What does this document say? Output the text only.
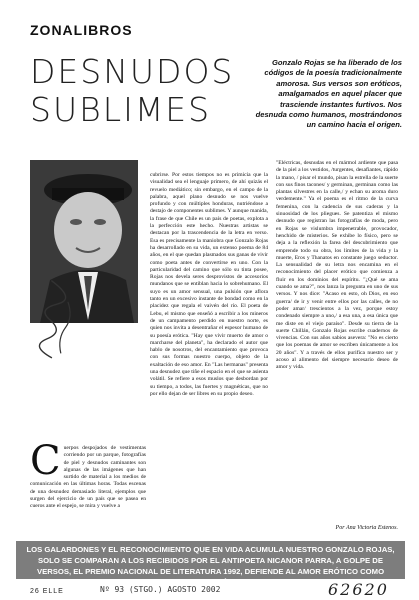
ZONALIBROS
DESNUDOS
SUBLIMES
Gonzalo Rojas se ha liberado de los códigos de la poesía tradicionalmente amorosa. Sus versos son eróticos, amalgamados en aquel placer que trasciende instantes furtivos. Nos desnuda como humanos, mostrándonos un camino hacia el origen.
cubrirse. Por estos tiempos no es primicia que la visualidad sea el lenguaje primero, de ahí quizás el revuelo mediático; sin embargo, en el campo de la palabra, aquel plano desnudo se nos vuelve profundo y con múltiples honduras, nutriéndose a destajo de componentes sublimes. Y aunque manida, la frase de que Chile es un país de poetas, explota a la perfección este hecho. Nuestras artistas se destacan por la trascendencia de la letra en verso. Esa es precisamente la maniobra que Gonzalo Rojas ha desarrollado en su vida, un extenso poema de 84 años, en el que quedan plasmados sus ganas de vivir como poeta antes de convertirse en uno. Con la particularidad del camino que sólo su tinta posee, Rojas nos devela seres desprovistos de accesorios mundanos que se entiblan hacia lo sobrehumano. El suyo es un amor sensual, una pulsión que aflora tanto en un excesivo instante de bondad como en la placidez que regala el vaivén del río. El poeta de Lebu, el mismo que enseñó a escribir a los mineros de un campamento perdido en nuestro norte, es quien nos invita a desentrañar el espesor humano de su poesía erótica. "Hay que vivir muerto de amor o marcharse del planeta", ha declarado el autor que hablo de nosotros, del encantamiento que provoca con sus formas nuestro cuerpo, objeto de la exaltación de eso amor. En "Las hermanas" presenta una desnudez que tiñe el espacio en el que se asienta volátil. Se refiere a esos muslos que desbordan por su tiempo, a todos, las fuertes y magnéticas, que no por ello dejan de ser libres en su propio deseo.
"Eléctricas, desnudas en el mármol ardiente que pasa de la piel a los vestidos, /turgentes, desafiantes, rápido la mano, / pisar el mundo, pisan la estrella de la suerte con sus finos tacones/ y germinan, germinan como las plantas silvestres en la calle,/ y echan su aroma duro verdemente." Ya el poema es el ritmo de la curva femenina, con la cadencia de sus caderas y la sinuosidad de los pliegues. Se patentiza el mismo desnudo que registran las fotografías de moda, pero en Rojas se vislumbra impenetrable, provocador, henchido de misterios. Se exhibe lo físico, pero se deja a la reflexión la farea del descubrimiento que emprende todo su obra, los límites de la vida y la muerte, Eros y Thanatos en constante juego seductor. La sensualidad de su letra nos encamina en el reconocimiento del placer erótico que comienza a fluir en los dominios del espíritu. "¿Qué se ama cuando se ama?", nos lanza la pregunta en uno de sus versos. Y nos dice: "Acaso en esto, oh Dios, en eso guerra/ de ir y venir entre ellos por las calles, de no poder amar/ trescientos a la vez, porque estoy condenado siempre a uno,/ a esa una, a esa única que me diste en el viejo paraíso". Desde su tierra de la suerte Chillán, Gonzalo Rojas escribe cuadernos de vivencias. Con sus años sabios asevera: "No es cierto que los poemas de amor se escriben únicamente a los 20 años". Y a través de ellos purifica nuestro ser y acoso al alimento del siempre necesario deseo de amor y vida.
C uerpos despojados de vestimentas corriendo por un parque, fotografías de piel y desnudos caminantes son algunas de las imágenes que han surtido de material a los medios de comunicación en las últimas horas. Todas escenas de una desnudez demasiado literal, ejemplos que surgen del ejercicio de un país que se pasea en cueros ante el espejo, se mira y vuelve a
Por Ana Victoria Estenos.
LOS GALARDONES Y EL RECONOCIMIENTO QUE EN VIDA ACUMULA NUESTRO GONZALO ROJAS, SOLO SE COMPARAN A LOS RECIBIDOS POR EL ANTIPOETA NICANOR PARRA, A GOLPE DE VERSOS, EL PREMIO NACIONAL DE LITERATURA 1992, DEFIENDE AL AMOR ERÓTICO COMO FUENTE DE REVELACIÓN ESPIRITUAL.
26 ELLE	Nº 93 (STGO.) AGOSTO 2002	62620
